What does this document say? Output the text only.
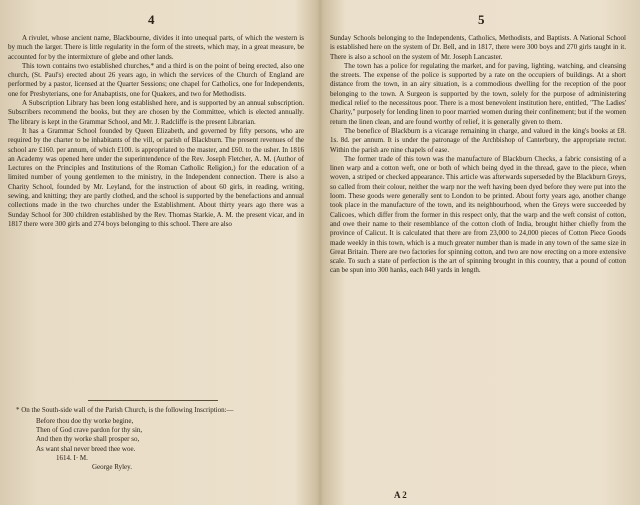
4

A rivulet, whose ancient name, Blackbourne, divides it into unequal parts, of which the western is by much the larger. There is little regularity in the form of the streets, which may, in a great measure, be accounted for by the intermixture of glebe and other lands.

This town contains two established churches,* and a third is on the point of being erected, also one church, (St. Paul's) erected about 26 years ago, in which the services of the Church of England are performed by a pastor, licensed at the Quarter Sessions; one chapel for Catholics, one for Independents, one for Presbyterians, one for Anabaptists, one for Quakers, and two for Methodists.

A Subscription Library has been long established here, and is supported by an annual subscription. Subscribers recommend the books, but they are chosen by the Committee, which is elected annually. The library is kept in the Grammar School, and Mr. J. Radcliffe is the present Librarian.

It has a Grammar School founded by Queen Elizabeth, and governed by fifty persons, who are required by the charter to be inhabitants of the vill, or parish of Blackburn. The present revenues of the school are £160. per annum, of which £100. is appropriated to the master, and £60. to the usher. In 1816 an Academy was opened here under the superintendence of the Rev. Joseph Fletcher, A. M. (Author of Lectures on the Principles and Institutions of the Roman Catholic Religion,) for the education of a limited number of young gentlemen to the ministry, in the Independent connection. There is also a Charity School, founded by Mr. Leyland, for the instruction of about 60 girls, in reading, writing, sewing, and knitting; they are partly clothed, and the school is supported by the benefactions and annual collections made in the two churches under the Establishment. About thirty years ago there was a Sunday School for 300 children established by the Rev. Thomas Starkie, A. M. the present vicar, and in 1817 there were 300 girls and 274 boys belonging to this school. There are also

* On the South-side wall of the Parish Church, is the following Inscription:—

Before thou doe thy worke begine,
Then of God crave pardon for thy sin,
And then thy worke shall prosper so,
As want shal never breed thee woe.
1614. I· M.
George Ryley.
5

Sunday Schools belonging to the Independents, Catholics, Methodists, and Baptists. A National School is established here on the system of Dr. Bell, and in 1817, there were 300 boys and 270 girls taught in it. There is also a school on the system of Mr. Joseph Lancaster.

The town has a police for regulating the market, and for paving, lighting, watching, and cleansing the streets. The expense of the police is supported by a rate on the occupiers of buildings. At a short distance from the town, in an airy situation, is a commodious dwelling for the reception of the poor belonging to the town. A Surgeon is supported by the town, solely for the purpose of administering medical relief to the necessitous poor. There is a most benevolent institution here, entitled, "The Ladies' Charity," purposely for lending linen to poor married women during their confinement; but if the women return the linen clean, and are found worthy of relief, it is generally given to them.

The benefice of Blackburn is a vicarage remaining in charge, and valued in the king's books at £8. 1s. 8d. per annum. It is under the patronage of the Archbishop of Canterbury, the appropriate rector. Within the parish are nine chapels of ease.

The former trade of this town was the manufacture of Blackburn Checks, a fabric consisting of a linen warp and a cotton weft, one or both of which being dyed in the thread, gave to the piece, when woven, a striped or checked appearance. This article was afterwards superseded by the Blackburn Greys, so called from their colour, neither the warp nor the weft having been dyed before they were put into the loom. These goods were generally sent to London to be printed. About forty years ago, another change took place in the manufacture of the town, and its neighbourhood, when the Greys were succeeded by Calicoes, which differ from the former in this respect only, that the warp and the weft consist of cotton, and owe their name to their resemblance of the cotton cloth of India, brought hither chiefly from the province of Calicut. It is calculated that there are from 23,000 to 24,000 pieces of Cotton Piece Goods made weekly in this town, which is a much greater number than is made in any town of the same size in Great Britain. There are two factories for spinning cotton, and two are now erecting on a more extensive scale. To such a state of perfection is the art of spinning brought in this country, that a pound of cotton can be spun into 300 hanks, each 840 yards in length.

A 2
